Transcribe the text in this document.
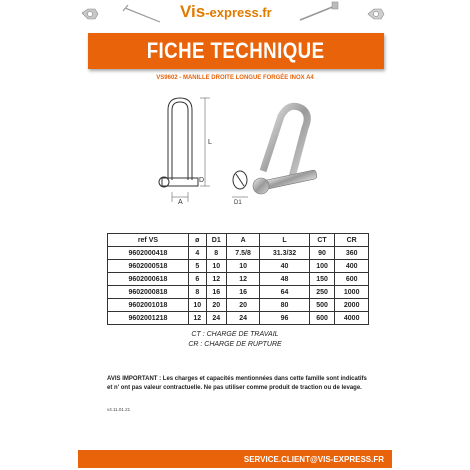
Vis-express.fr
FICHE TECHNIQUE
VS9602 - MANILLE DROITE LONGUE FORGÉE INOX A4
L
A
D
D1
ref VS	ø	D1	A	L	CT	CR
9602000418	4	8	7.5/8	31.3/32	90	360
9602000518	5	10	10	40	100	400
9602000618	6	12	12	48	150	600
9602000818	8	16	16	64	250	1000
9602001018	10	20	20	80	500	2000
9602001218	12	24	24	96	600	4000
CT : CHARGE DE TRAVAIL
CR : CHARGE DE RUPTURE
AVIS IMPORTANT : Les charges et capacités mentionnées dans cette famille sont indicatifs et n' ont pas valeur contractuelle. Ne pas utiliser comme produit de traction ou de levage.
v4.11.01.21
SERVICE.CLIENT@VIS-EXPRESS.FR
